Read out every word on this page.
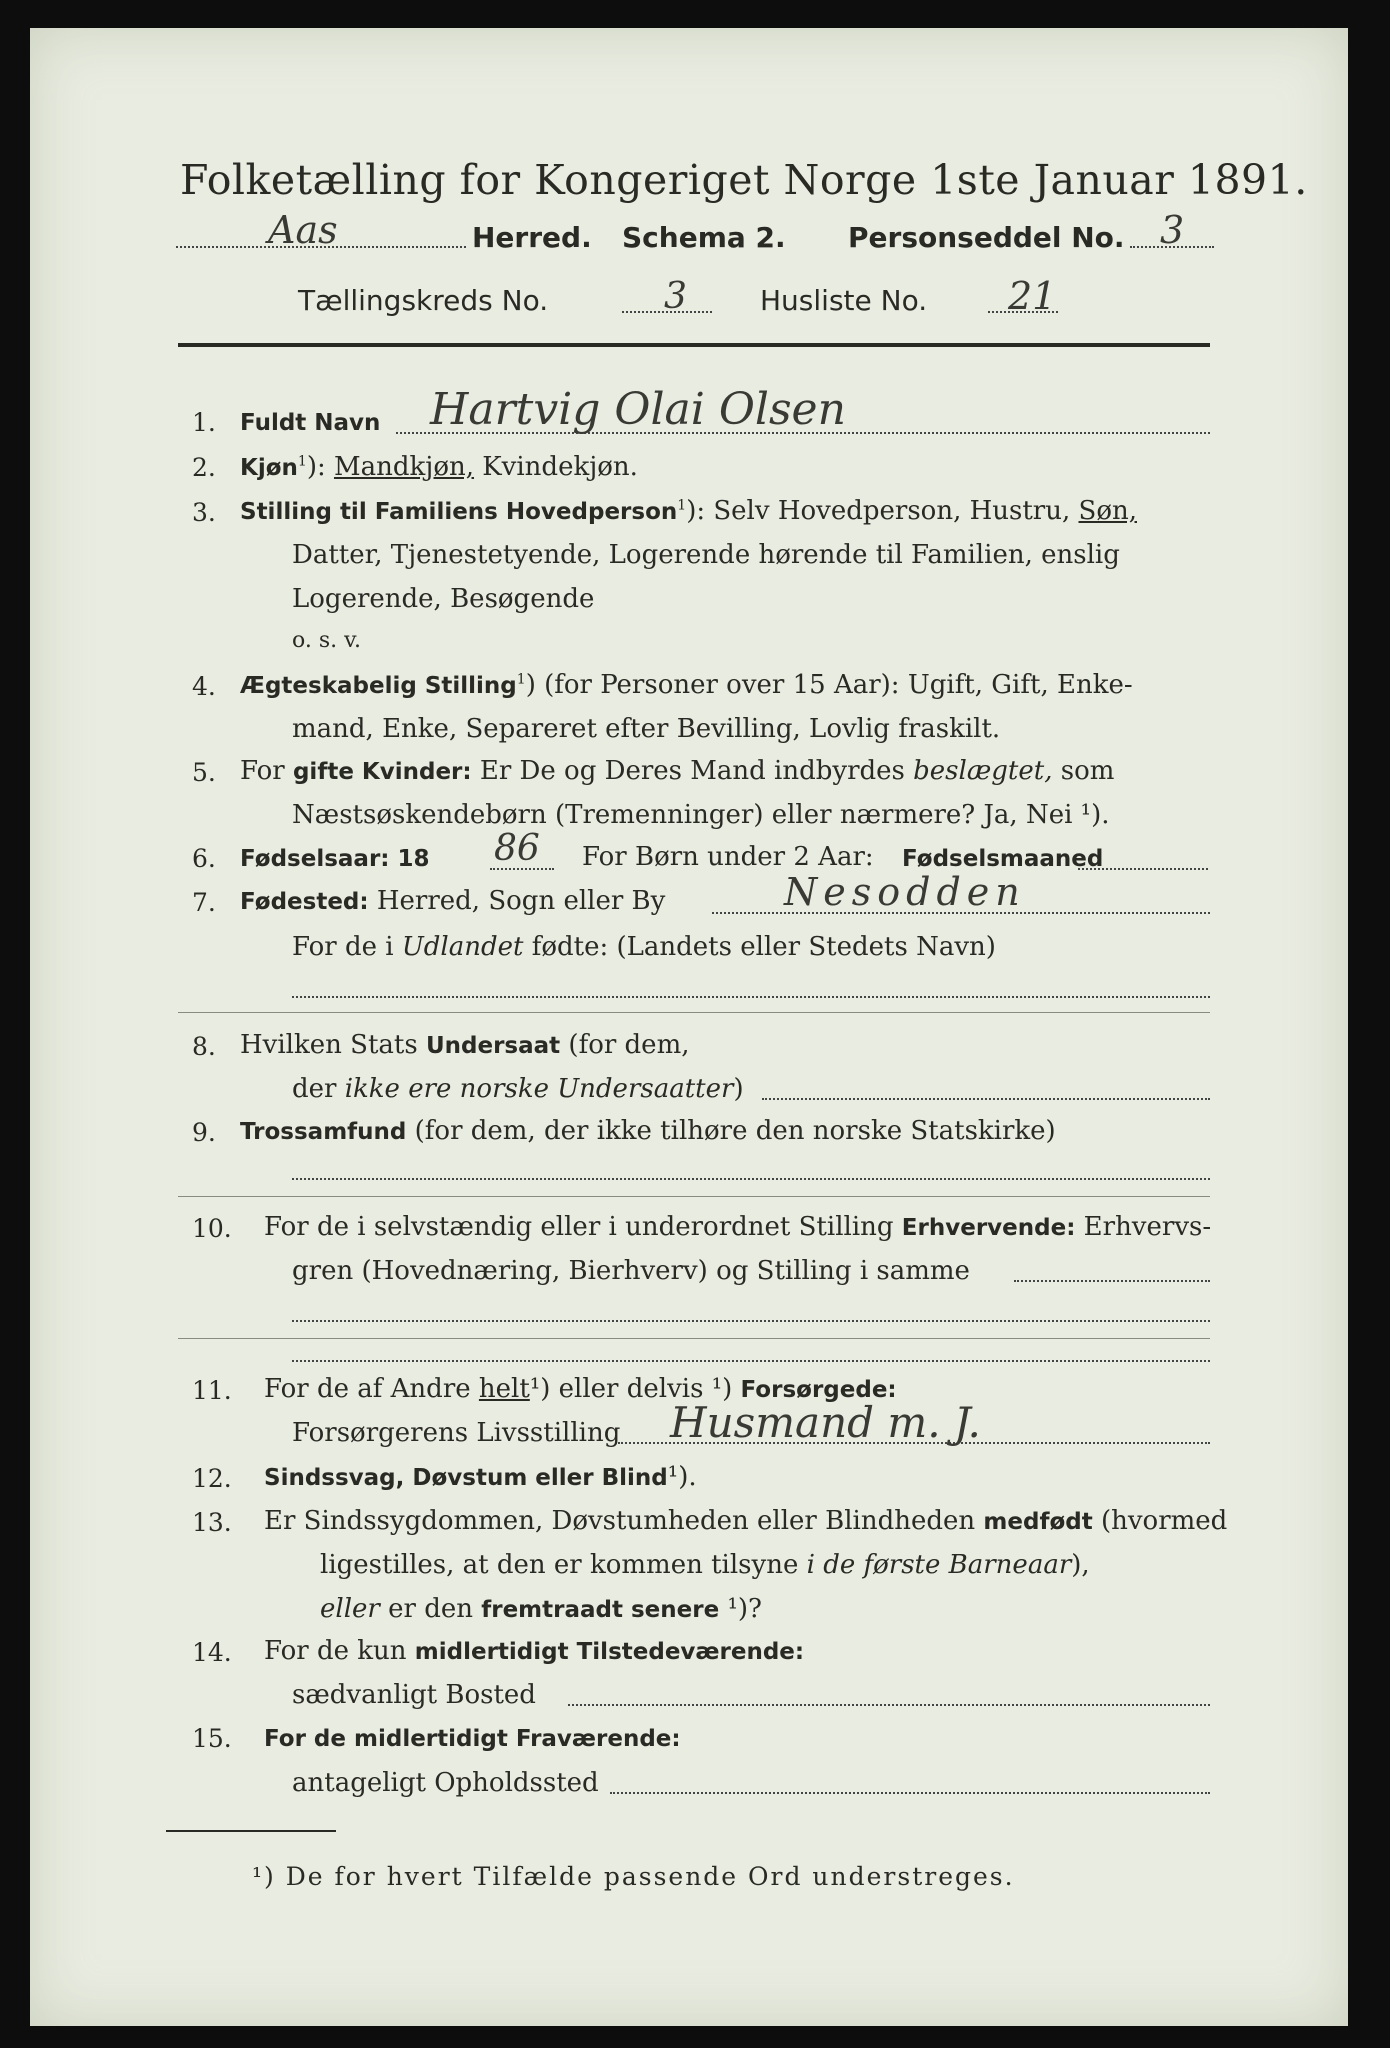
Folketælling for Kongeriget Norge 1ste Januar 1891.
Aas	Herred. Schema 2. Personseddel No. 3
Tællingskreds No.	3	Husliste No. 21
1. Fuldt Navn Hartvig Olai Olsen
2. Kjøn$^1$): Mandkjøn, Kvindekjøn.
3. Stilling til Familiens Hovedperson$^1$): Selv Hovedperson, Hustru, Søn,
Datter, Tjenestetyende, Logerende hørende til Familien, enslig
Logerende, Besøgende
o. s. v.
4. Ægteskabelig Stilling$^1$) (for Personer over 15 Aar): Ugift, Gift, Enke-
mand, Enke, Separeret efter Bevilling, Lovlig fraskilt.
5. For gifte Kvinder: Er De og Deres Mand indbyrdes beslægtet, som
Næstsøskendebørn (Tremenninger) eller nærmere? Ja, Nei ¹).
6. Fødselsaar: 18 86 For Børn under 2 Aar: Fødselsmaaned
7. Fødested: Herred, Sogn eller By	Nesodden
For de i Udlandet fødte: (Landets eller Stedets Navn)
8. Hvilken Stats Undersaat (for dem,
der ikke ere norske Undersaatter)
9. Trossamfund (for dem, der ikke tilhøre den norske Statskirke)
10. For de i selvstændig eller i underordnet Stilling Erhvervende: Erhvervs-
gren (Hovednæring, Bierhverv) og Stilling i samme
11. For de af Andre helt¹) eller delvis ¹) Forsørgede:
Forsørgerens Livsstilling Husmand m. J.
12. Sindssvag, Døvstum eller Blind¹).
13. Er Sindssygdommen, Døvstumheden eller Blindheden medfødt (hvormed
ligestilles, at den er kommen tilsyne i de første Barneaar),
eller er den fremtraadt senere ¹)?
14. For de kun midlertidigt Tilstedeværende:
sædvanligt Bosted
15. For de midlertidigt Fraværende:
antageligt Opholdssted
¹) De for hvert Tilfælde passende Ord understreges.
